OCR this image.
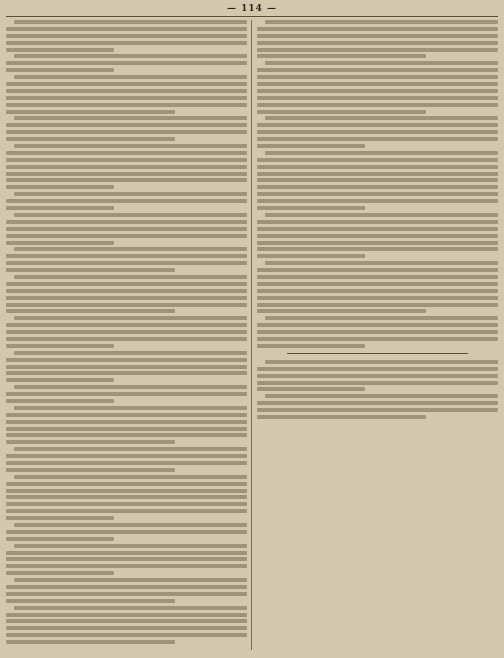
— 114 —
